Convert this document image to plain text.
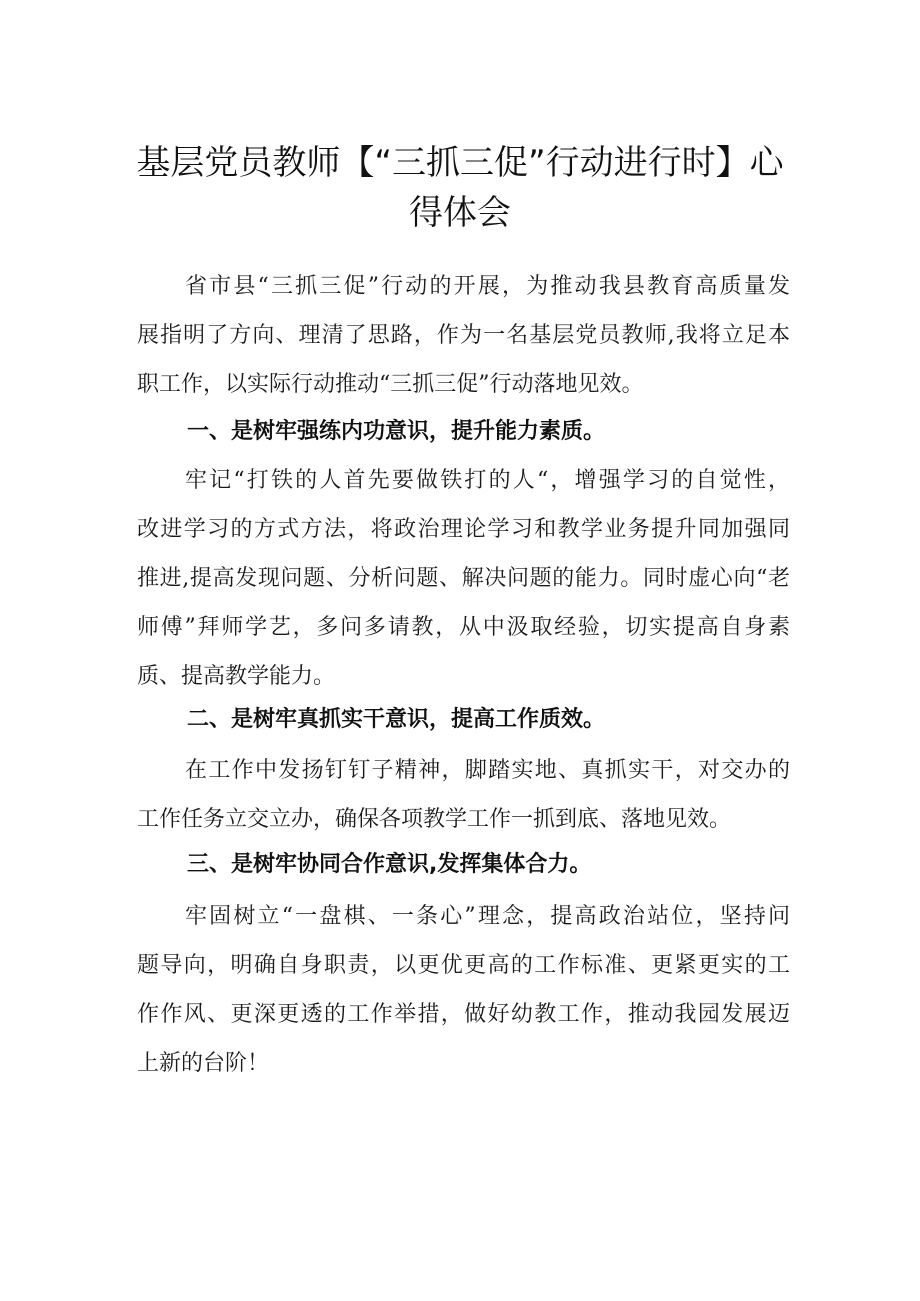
基层党员教师【“三抓三促”行动进行时】心
得体会
省市县“三抓三促”行动的开展，为推动我县教育高质量发
展指明了方向、理清了思路，作为一名基层党员教师,我将立足本
职工作，以实际行动推动“三抓三促”行动落地见效。
一、是树牢强练内功意识，提升能力素质。
牢记“打铁的人首先要做铁打的人“，增强学习的自觉性，
改进学习的方式方法，将政治理论学习和教学业务提升同加强同
推进,提高发现问题、分析问题、解决问题的能力。同时虚心向“老
师傅”拜师学艺，多问多请教，从中汲取经验，切实提高自身素
质、提高教学能力。
二、是树牢真抓实干意识，提高工作质效。
在工作中发扬钉钉子精神，脚踏实地、真抓实干，对交办的
工作任务立交立办，确保各项教学工作一抓到底、落地见效。
三、是树牢协同合作意识,发挥集体合力。
牢固树立“一盘棋、一条心”理念，提高政治站位，坚持问
题导向，明确自身职责，以更优更高的工作标准、更紧更实的工
作作风、更深更透的工作举措，做好幼教工作，推动我园发展迈
上新的台阶！
